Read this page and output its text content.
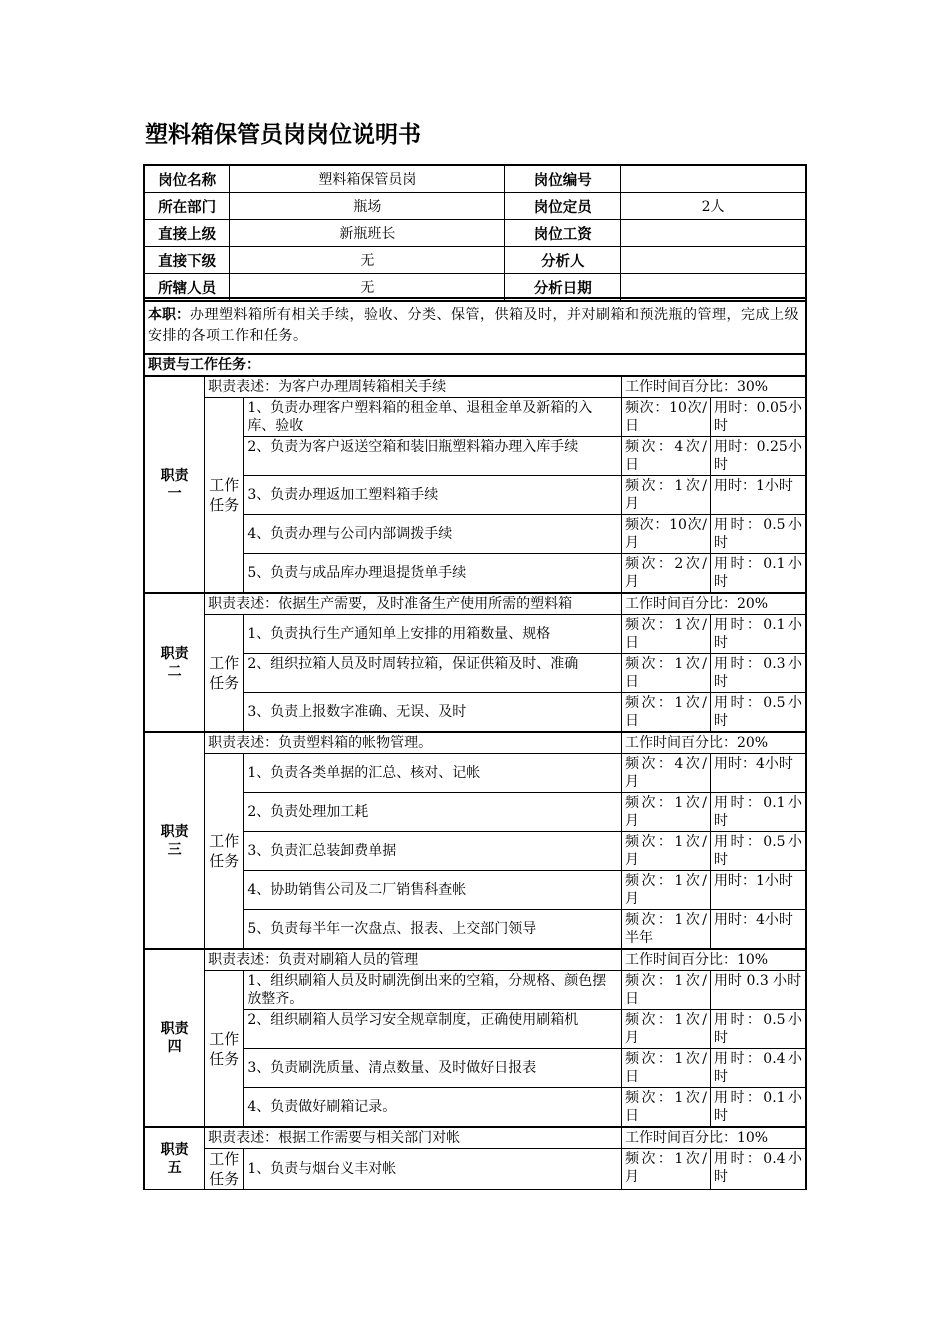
塑料箱保管员岗岗位说明书
岗位名称	塑料箱保管员岗	岗位编号	
所在部门	瓶场	岗位定员	2人
直接上级	新瓶班长	岗位工资	
直接下级	无	分析人	
所辖人员	无	分析日期	
本职：办理塑料箱所有相关手续，验收、分类、保管，供箱及时，并对刷箱和预洗瓶的管理，完成上级安排的各项工作和任务。				
职责与工作任务：				
职责一	职责表述：为客户办理周转箱相关手续		工作时间百分比：30%	
	工作任务	1、负责办理客户塑料箱的租金单、退租金单及新箱的入库、验收	频次：10次/日	用时：0.05小时
		2、负责为客户返送空箱和装旧瓶塑料箱办理入库手续	频次：4次/日	用时：0.25小时
		3、负责办理返加工塑料箱手续	频次：1次/月	用时：1小时
		4、负责办理与公司内部调拨手续	频次：10次/月	用时：0.5小时
		5、负责与成品库办理退提货单手续	频次：2次/月	用时：0.1小时
职责二	职责表述：依据生产需要，及时准备生产使用所需的塑料箱		工作时间百分比：20%	
	工作任务	1、负责执行生产通知单上安排的用箱数量、规格	频次：1次/日	用时：0.1小时
		2、组织拉箱人员及时周转拉箱，保证供箱及时、准确	频次：1次/日	用时：0.3小时
		3、负责上报数字准确、无误、及时	频次：1次/日	用时：0.5小时
职责三	职责表述：负责塑料箱的帐物管理。		工作时间百分比：20%	
	工作任务	1、负责各类单据的汇总、核对、记帐	频次：4次/月	用时：4小时
		2、负责处理加工耗	频次：1次/月	用时：0.1小时
		3、负责汇总装卸费单据	频次：1次/月	用时：0.5小时
		4、协助销售公司及二厂销售科查帐	频次：1次/月	用时：1小时
		5、负责每半年一次盘点、报表、上交部门领导	频次：1次/半年	用时：4小时
职责四	职责表述：负责对刷箱人员的管理		工作时间百分比：10%	
	工作任务	1、组织刷箱人员及时刷洗倒出来的空箱，分规格、颜色摆放整齐。	频次：1次/日	用时 0.3 小时
		2、组织刷箱人员学习安全规章制度，正确使用刷箱机	频次：1次/ 月	用时：0.5小时
		3、负责刷洗质量、清点数量、及时做好日报表	频次：1次/日	用时：0.4小时
		4、负责做好刷箱记录。	频次：1次/日	用时：0.1小时
职责五	职责表述：根据工作需要与相关部门对帐		工作时间百分比：10%	
	工作任务	1、负责与烟台义丰对帐	频次：1次/ 月	用时：0.4小时
